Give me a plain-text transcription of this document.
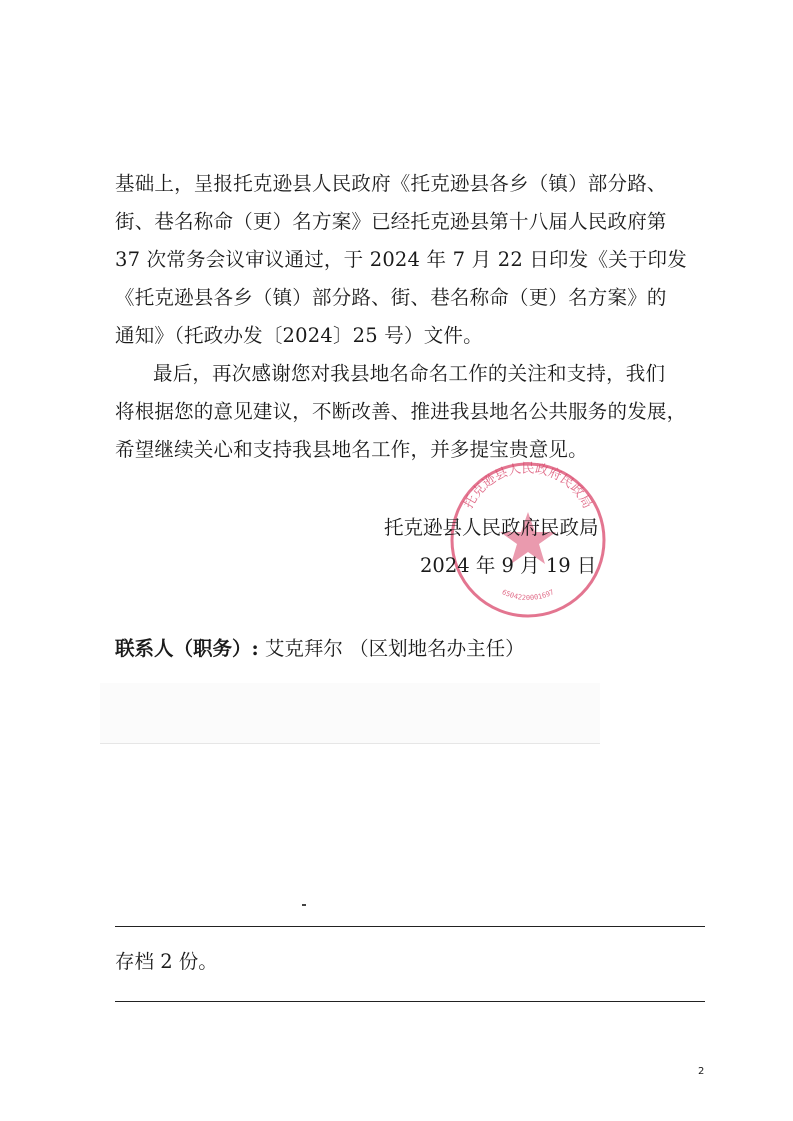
基础上，呈报托克逊县人民政府《托克逊县各乡（镇）部分路、
街、巷名称命（更）名方案》已经托克逊县第十八届人民政府第
37 次常务会议审议通过，于 2024 年 7 月 22 日印发《关于印发
《托克逊县各乡（镇）部分路、街、巷名称命（更）名方案》的
通知》（托政办发〔2024〕25 号）文件。
最后，再次感谢您对我县地名命名工作的关注和支持，我们
将根据您的意见建议，不断改善、推进我县地名公共服务的发展，
希望继续关心和支持我县地名工作，并多提宝贵意见。
托克逊县人民政府民政局
6504220001697
托克逊县人民政府民政局
2024 年 9 月 19 日
联系人（职务）: 艾克拜尔 （区划地名办主任）
存档 2 份。
2
